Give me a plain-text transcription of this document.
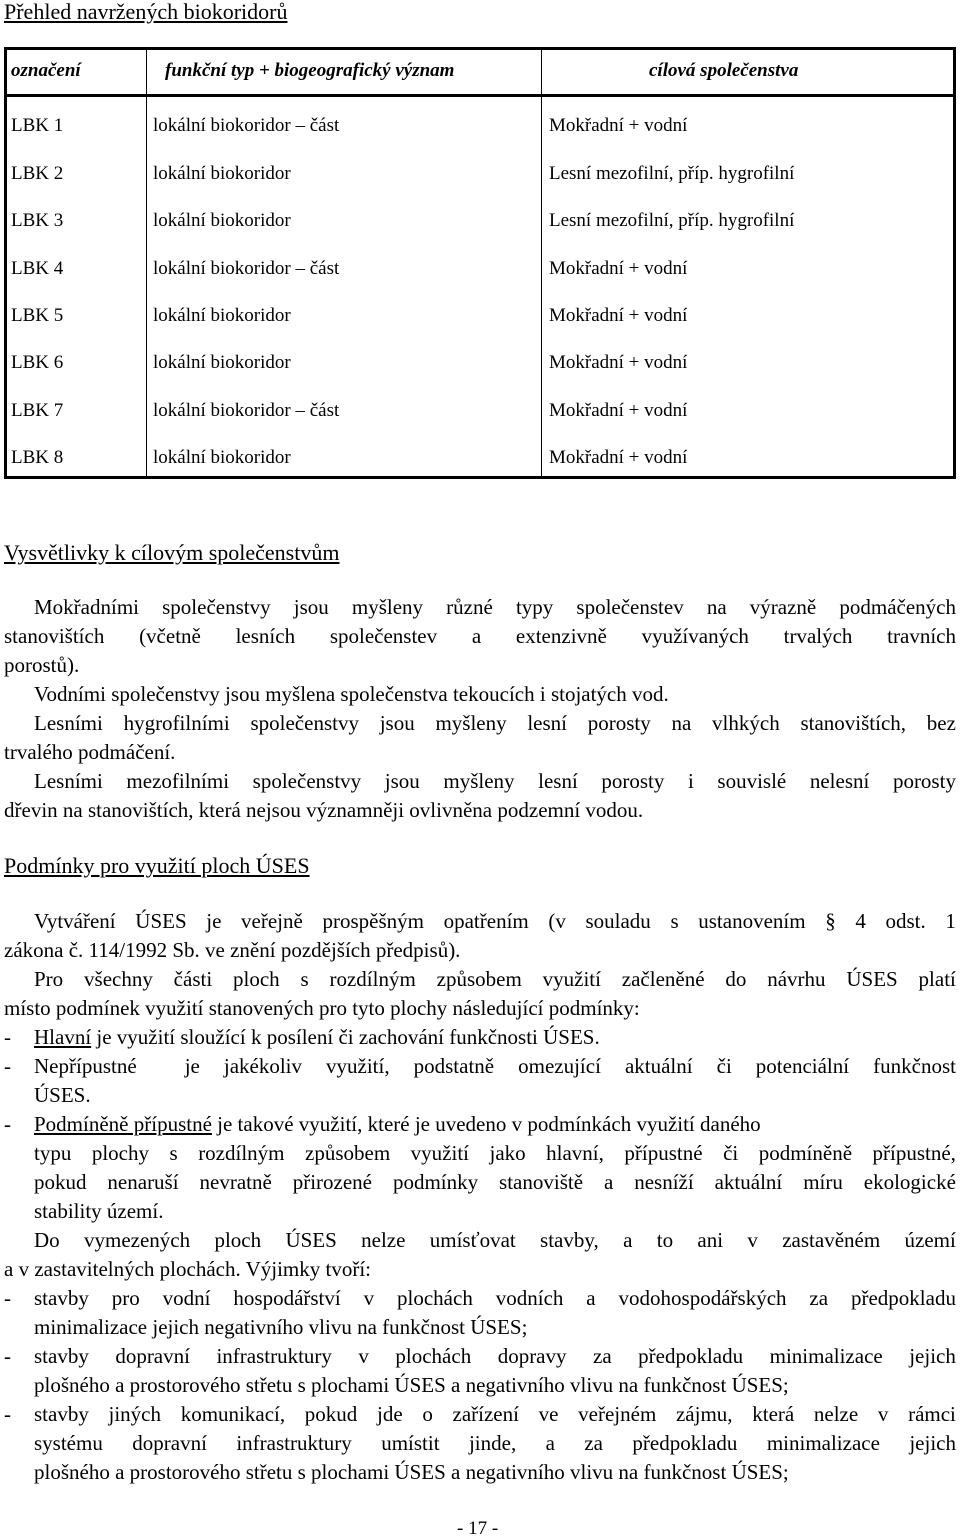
Přehled navržených biokoridorů
označení	funkční typ + biogeografický význam	cílová společenstva
LBK 1	lokální biokoridor – část	Mokřadní + vodní
LBK 2	lokální biokoridor	Lesní mezofilní, příp. hygrofilní
LBK 3	lokální biokoridor	Lesní mezofilní, příp. hygrofilní
LBK 4	lokální biokoridor – část	Mokřadní + vodní
LBK 5	lokální biokoridor	Mokřadní + vodní
LBK 6	lokální biokoridor	Mokřadní + vodní
LBK 7	lokální biokoridor – část	Mokřadní + vodní
LBK 8	lokální biokoridor	Mokřadní + vodní
Vysvětlivky k cílovým společenstvům
Mokřadními společenstvy jsou myšleny různé typy společenstev na výrazně podmáčených
stanovištích (včetně lesních společenstev a extenzivně využívaných trvalých travních
porostů).
Vodními společenstvy jsou myšlena společenstva tekoucích i stojatých vod.
Lesními hygrofilními společenstvy jsou myšleny lesní porosty na vlhkých stanovištích, bez
trvalého podmáčení.
Lesními mezofilními společenstvy jsou myšleny lesní porosty i souvislé nelesní porosty
dřevin na stanovištích, která nejsou významněji ovlivněna podzemní vodou.
Podmínky pro využití ploch ÚSES
Vytváření ÚSES je veřejně prospěšným opatřením (v souladu s ustanovením § 4 odst. 1
zákona č. 114/1992 Sb. ve znění pozdějších předpisů).
Pro všechny části ploch s rozdílným způsobem využití začleněné do návrhu ÚSES platí
místo podmínek využití stanovených pro tyto plochy následující podmínky:
- Hlavní je využití sloužící k posílení či zachování funkčnosti ÚSES.
- Nepřípustné je jakékoliv využití, podstatně omezující aktuální či potenciální funkčnost
ÚSES.
- Podmíněně přípustné je takové využití, které je uvedeno v podmínkách využití daného
typu plochy s rozdílným způsobem využití jako hlavní, přípustné či podmíněně přípustné,
pokud nenaruší nevratně přirozené podmínky stanoviště a nesníží aktuální míru ekologické
stability území.
Do vymezených ploch ÚSES nelze umísťovat stavby, a to ani v zastavěném území
a v zastavitelných plochách. Výjimky tvoří:
- stavby pro vodní hospodářství v plochách vodních a vodohospodářských za předpokladu
minimalizace jejich negativního vlivu na funkčnost ÚSES;
- stavby dopravní infrastruktury v plochách dopravy za předpokladu minimalizace jejich
plošného a prostorového střetu s plochami ÚSES a negativního vlivu na funkčnost ÚSES;
- stavby jiných komunikací, pokud jde o zařízení ve veřejném zájmu, která nelze v rámci
systému dopravní infrastruktury umístit jinde, a za předpokladu minimalizace jejich
plošného a prostorového střetu s plochami ÚSES a negativního vlivu na funkčnost ÚSES;
- 17 -
